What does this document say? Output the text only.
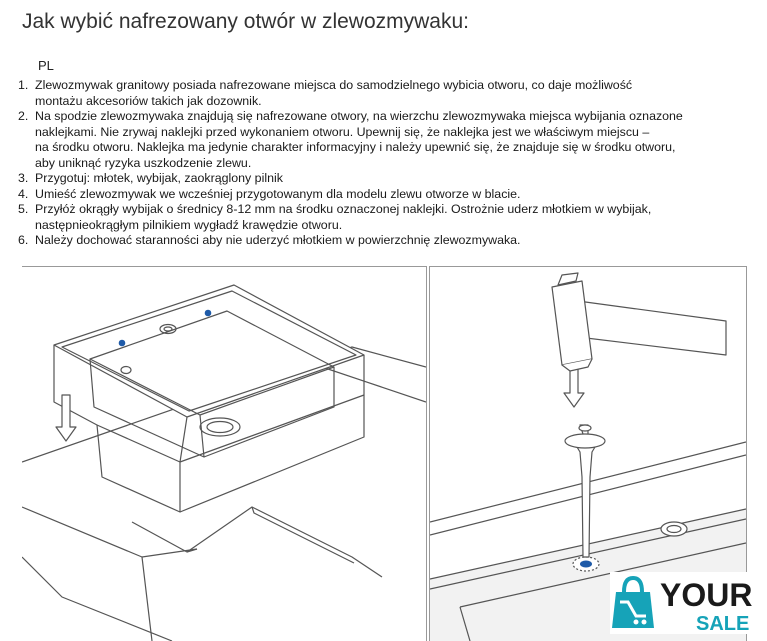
Jak wybić nafrezowany otwór w zlewozmywaku:
PL
1. Zlewozmywak granitowy posiada nafrezowane miejsca do samodzielnego wybicia otworu, co daje możliwość
montażu akcesoriów takich jak dozownik.
2. Na spodzie zlewozmywaka znajdują się nafrezowane otwory, na wierzchu zlewozmywaka miejsca wybijania oznazone
naklejkami. Nie zrywaj naklejki przed wykonaniem otworu. Upewnij się, że naklejka jest we właściwym miejscu –
na środku otworu. Naklejka ma jedynie charakter informacyjny i należy upewnić się, że znajduje się w środku otworu,
aby uniknąć ryzyka uszkodzenie zlewu.
3. Przygotuj: młotek, wybijak, zaokrąglony pilnik
4. Umieść zlewozmywak we wcześniej przygotowanym dla modelu zlewu otworze w blacie.
5. Przyłóż okrągły wybijak o średnicy 8-12 mm na środku oznaczonej naklejki. Ostrożnie uderz młotkiem w wybijak,
następnieokrągłym pilnikiem wygładź krawędzie otworu.
6. Należy dochować staranności aby nie uderzyć młotkiem w powierzchnię zlewozmywaka.
YOUR
SALE
